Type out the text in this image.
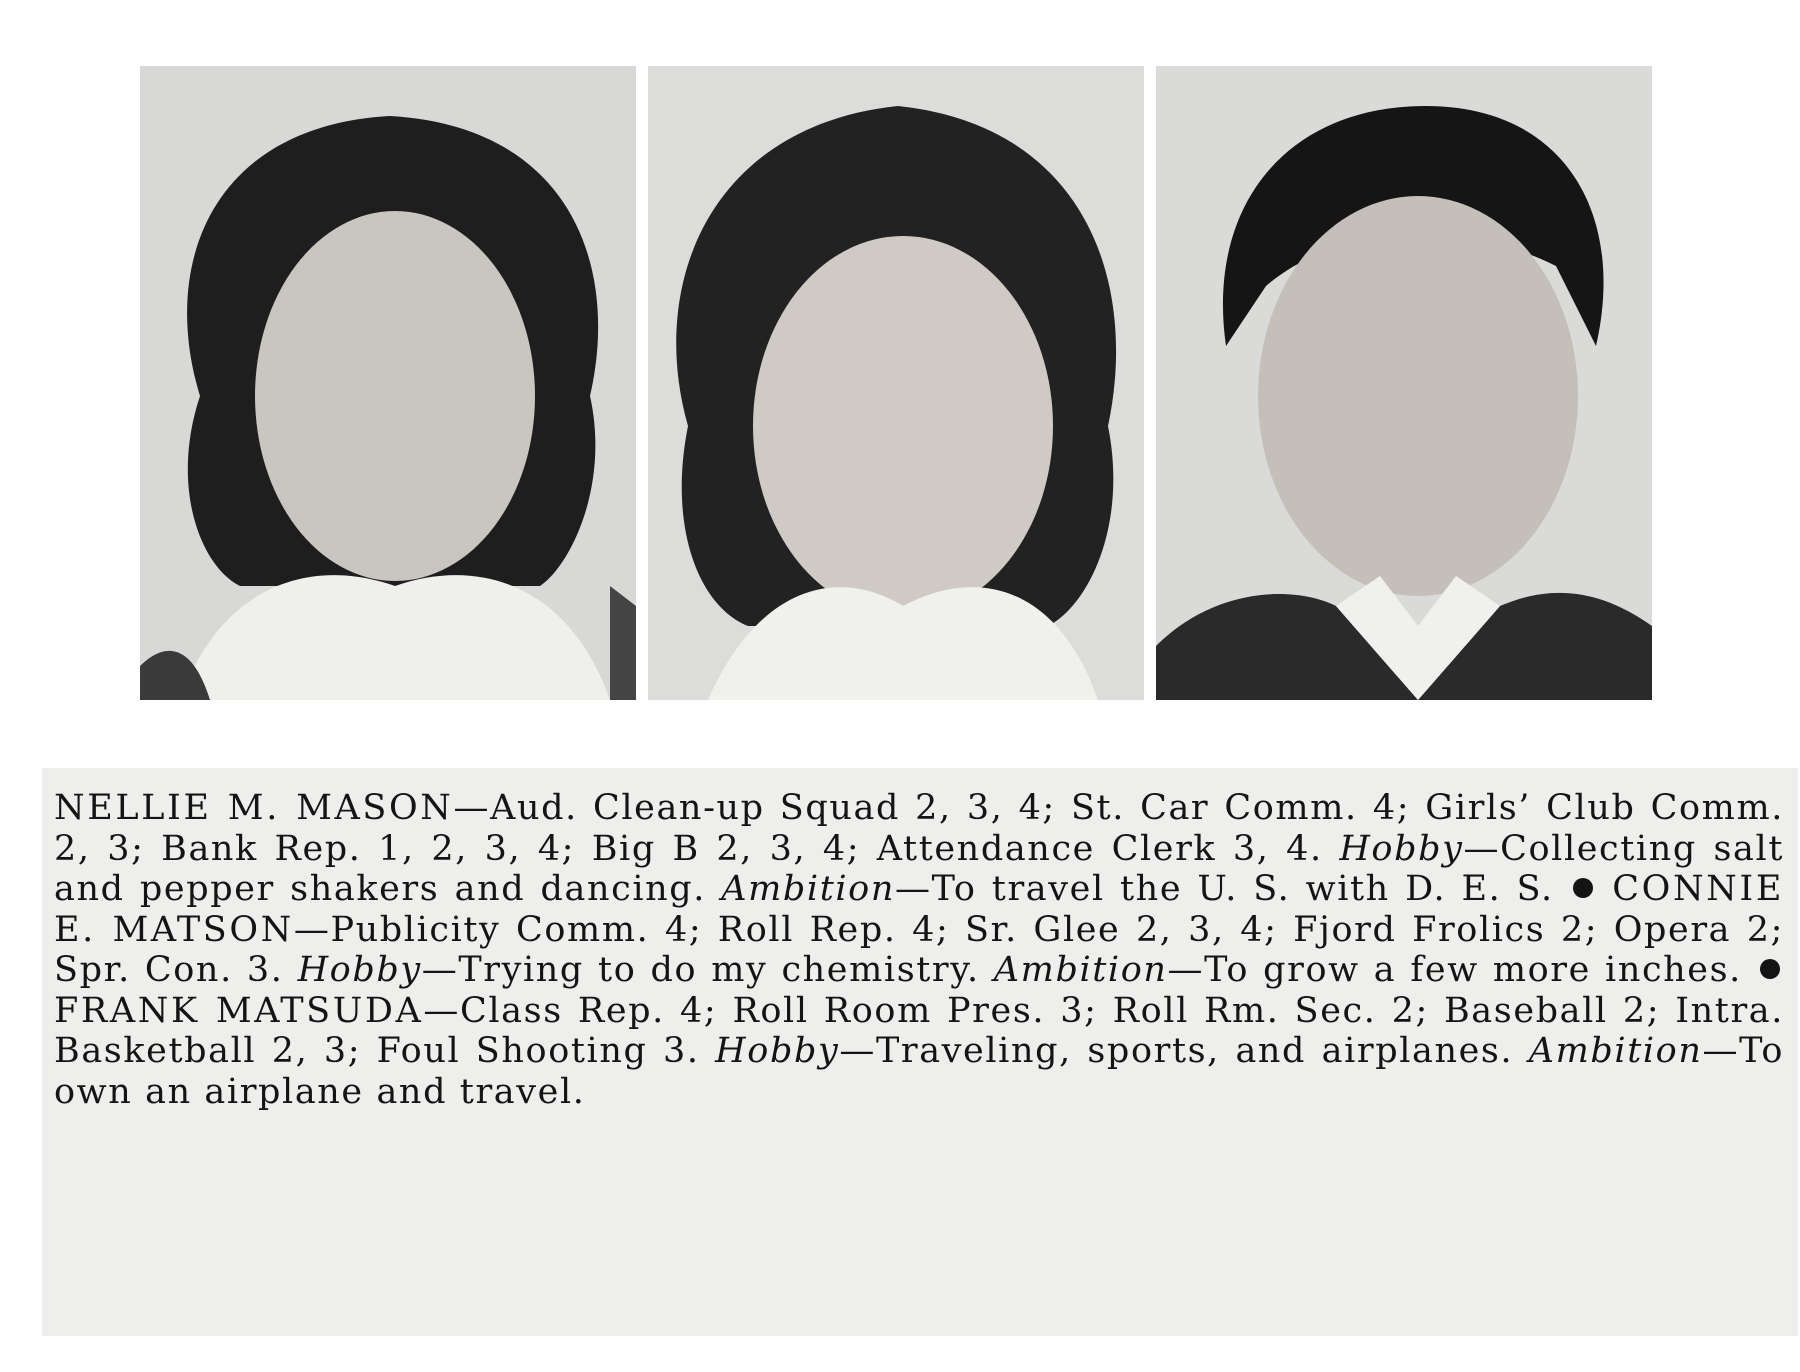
NELLIE M. MASON—Aud. Clean-up Squad 2, 3, 4; St. Car Comm. 4; Girls’ Club Comm. 2, 3; Bank Rep. 1, 2, 3, 4; Big B 2, 3, 4; Attendance Clerk 3, 4. Hobby—Collecting salt and pepper shakers and dancing. Ambition—To travel the U. S. with D. E. S.  CONNIE E. MATSON—Publicity Comm. 4; Roll Rep. 4; Sr. Glee 2, 3, 4; Fjord Frolics 2; Opera 2; Spr. Con. 3. Hobby—Trying to do my chemistry. Ambition—To grow a few more inches.  FRANK MATSUDA—Class Rep. 4; Roll Room Pres. 3; Roll Rm. Sec. 2; Baseball 2; Intra. Basketball 2, 3; Foul Shooting 3. Hobby—Traveling, sports, and airplanes. Ambition—To own an airplane and travel.
